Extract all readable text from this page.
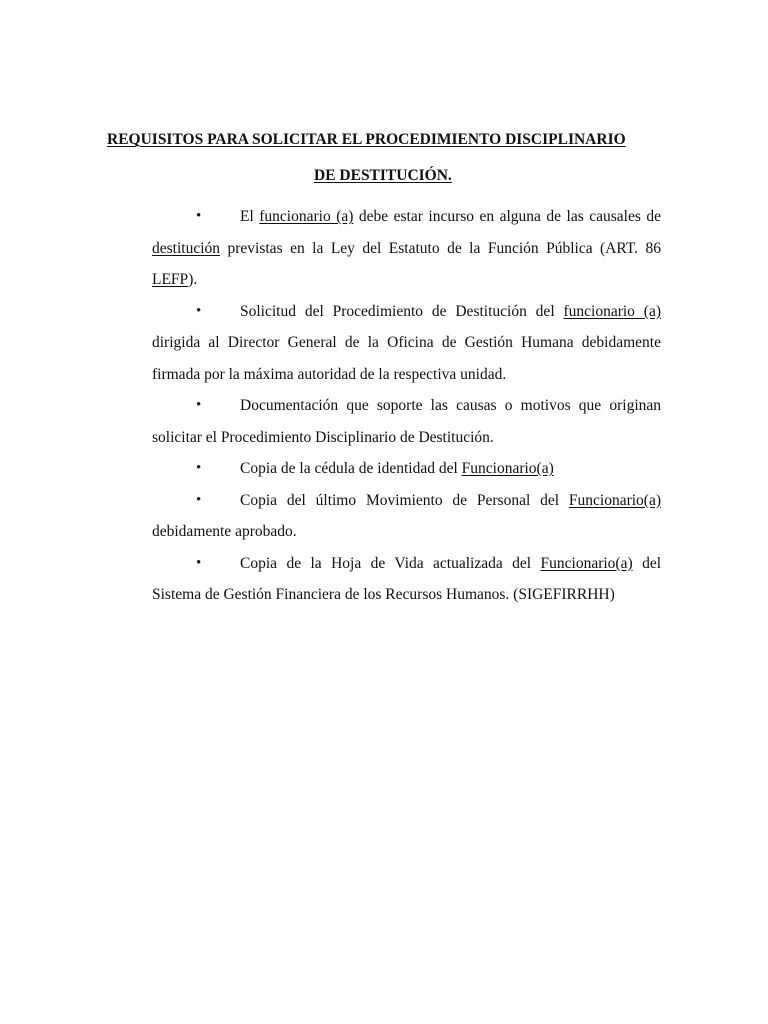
REQUISITOS PARA SOLICITAR EL PROCEDIMIENTO DISCIPLINARIO
DE DESTITUCIÓN.

• El funcionario (a) debe estar incurso en alguna de las causales de destitución previstas en la Ley del Estatuto de la Función Pública (ART. 86 LEFP).

• Solicitud del Procedimiento de Destitución del funcionario (a) dirigida al Director General de la Oficina de Gestión Humana debidamente firmada por la máxima autoridad de la respectiva unidad.

• Documentación que soporte las causas o motivos que originan solicitar el Procedimiento Disciplinario de Destitución.

• Copia de la cédula de identidad del Funcionario(a)

• Copia del último Movimiento de Personal del Funcionario(a) debidamente aprobado.

• Copia de la Hoja de Vida actualizada del Funcionario(a) del Sistema de Gestión Financiera de los Recursos Humanos. (SIGEFIRRHH)
